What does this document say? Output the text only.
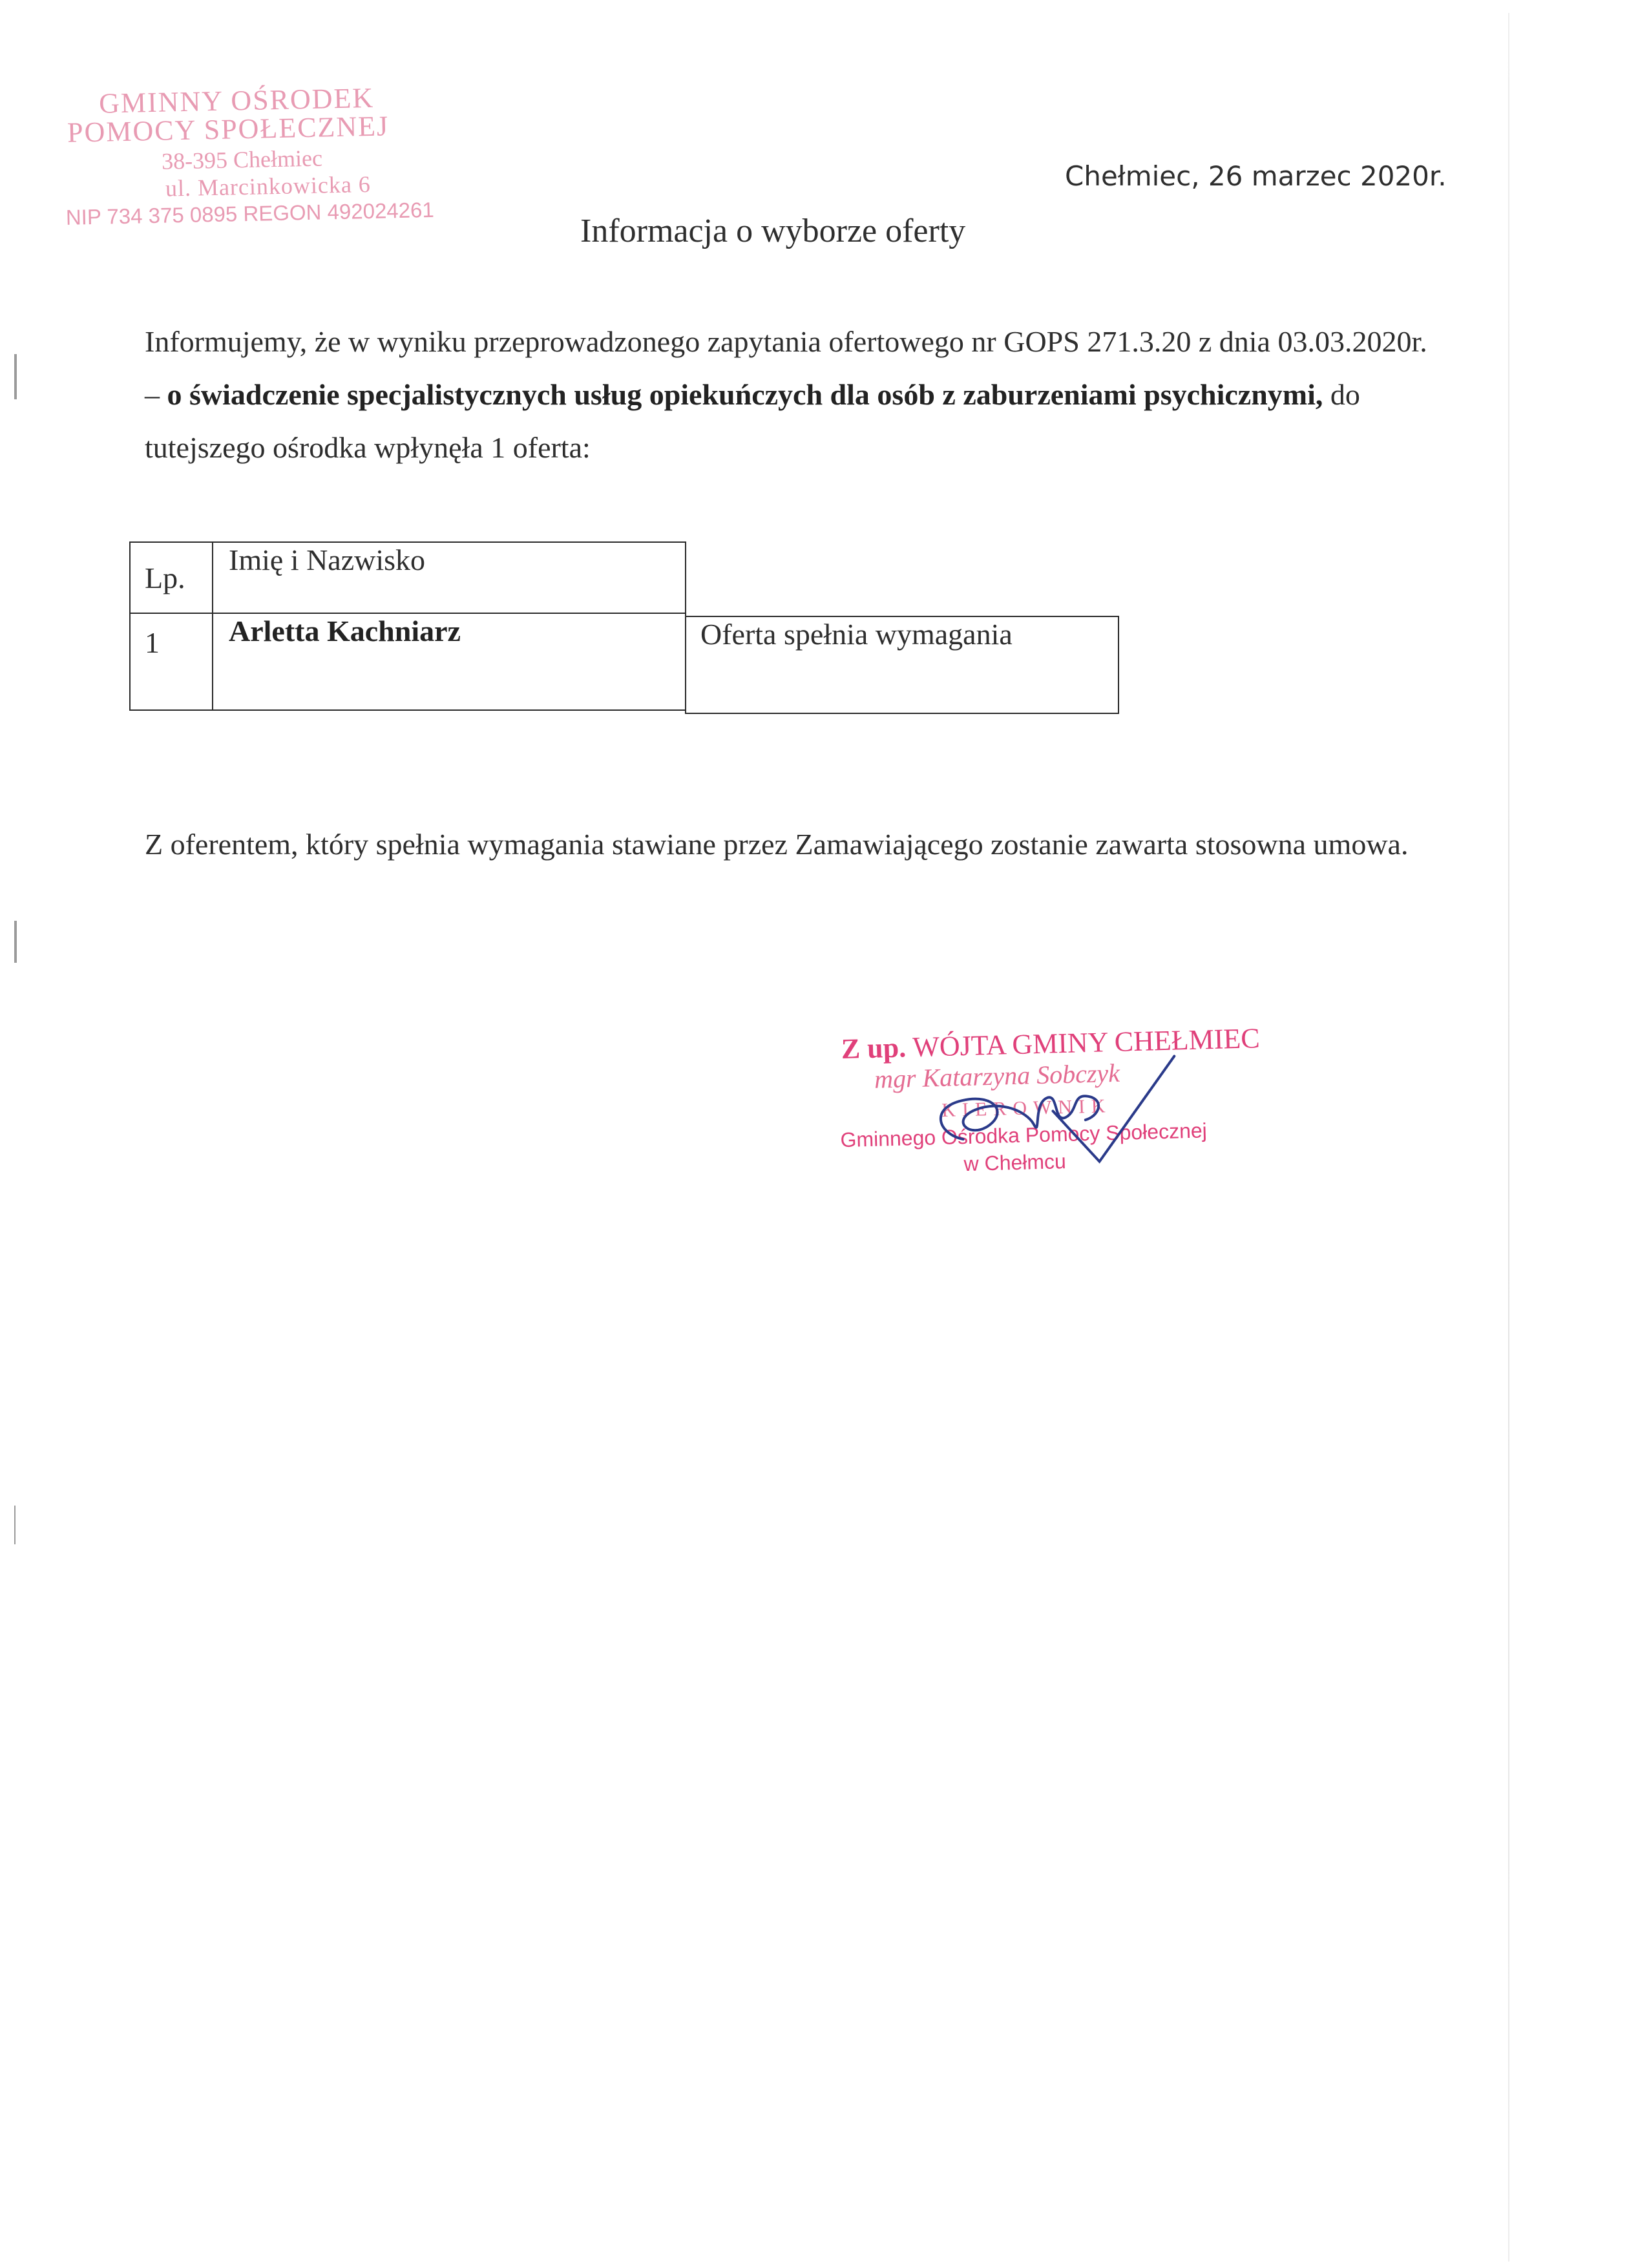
GMINNY OŚRODEK
POMOCY SPOŁECZNEJ
38-395 Chełmiec
ul. Marcinkowicka 6
NIP 734 375 0895 REGON 492024261
Chełmiec, 26 marzec 2020r.
Informacja o wyborze oferty
Informujemy, że w wyniku przeprowadzonego zapytania ofertowego nr GOPS 271.3.20 z dnia 03.03.2020r. – o świadczenie specjalistycznych usług opiekuńczych dla osób z zaburzeniami psychicznymi, do tutejszego ośrodka wpłynęła 1 oferta:
Lp.
Imię i Nazwisko
1 Arletta Kachniarz	Oferta spełnia wymagania
Z oferentem, który spełnia wymagania stawiane przez Zamawiającego zostanie zawarta stosowna umowa.
Z up. WÓJTA GMINY CHEŁMIEC
mgr Katarzyna Sobczyk
KIEROWNIK
Gminnego Ośrodka Pomocy Społecznej
w Chełmcu
